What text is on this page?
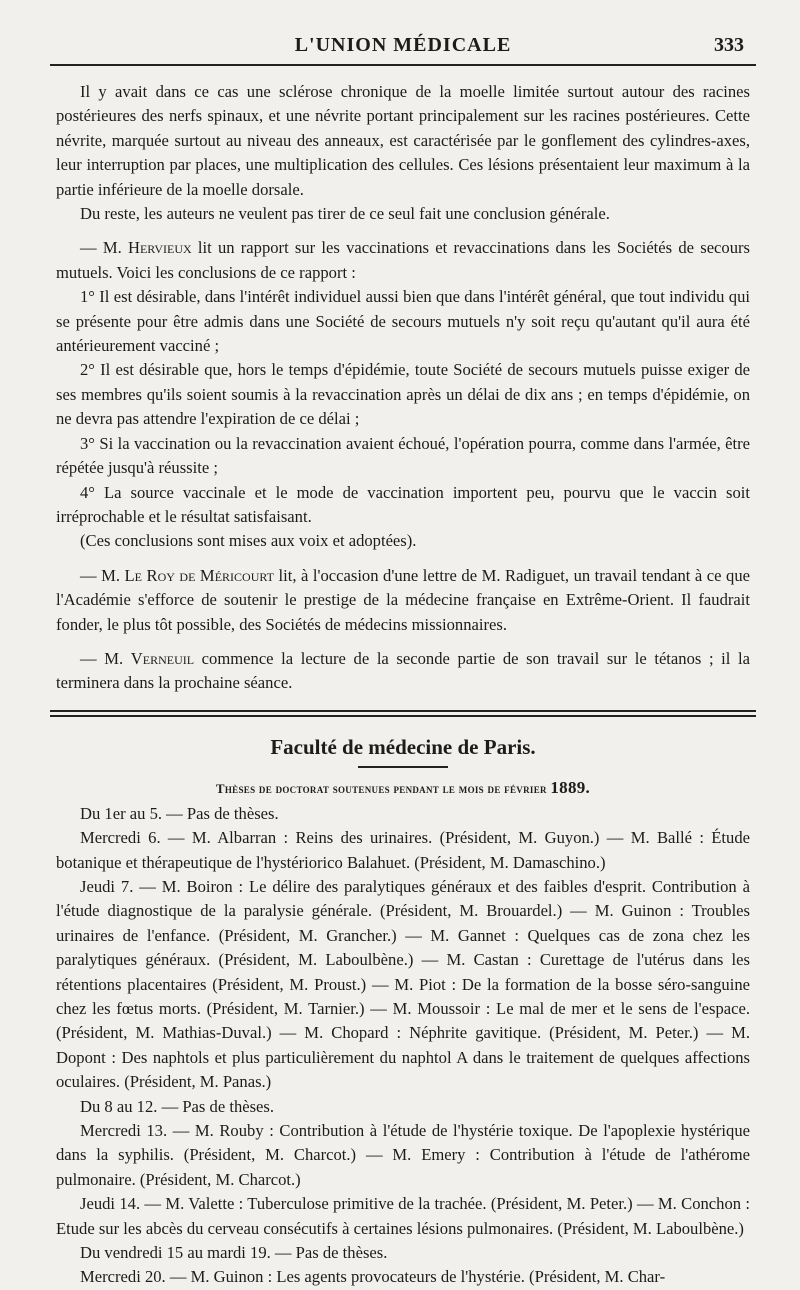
L'UNION MÉDICALE	333

Il y avait dans ce cas une sclérose chronique de la moelle limitée surtout autour des racines postérieures des nerfs spinaux, et une névrite portant principalement sur les racines postérieures. Cette névrite, marquée surtout au niveau des anneaux, est caractérisée par le gonflement des cylindres-axes, leur interruption par places, une multiplication des cellules. Ces lésions présentaient leur maximum à la partie inférieure de la moelle dorsale.

Du reste, les auteurs ne veulent pas tirer de ce seul fait une conclusion générale.

— M. Hervieux lit un rapport sur les vaccinations et revaccinations dans les Sociétés de secours mutuels. Voici les conclusions de ce rapport :

1° Il est désirable, dans l'intérêt individuel aussi bien que dans l'intérêt général, que tout individu qui se présente pour être admis dans une Société de secours mutuels n'y soit reçu qu'autant qu'il aura été antérieurement vacciné ;

2° Il est désirable que, hors le temps d'épidémie, toute Société de secours mutuels puisse exiger de ses membres qu'ils soient soumis à la revaccination après un délai de dix ans ; en temps d'épidémie, on ne devra pas attendre l'expiration de ce délai ;

3° Si la vaccination ou la revaccination avaient échoué, l'opération pourra, comme dans l'armée, être répétée jusqu'à réussite ;

4° La source vaccinale et le mode de vaccination importent peu, pourvu que le vaccin soit irréprochable et le résultat satisfaisant.

(Ces conclusions sont mises aux voix et adoptées).

— M. Le Roy de Méricourt lit, à l'occasion d'une lettre de M. Radiguet, un travail tendant à ce que l'Académie s'efforce de soutenir le prestige de la médecine française en Extrême-Orient. Il faudrait fonder, le plus tôt possible, des Sociétés de médecins missionnaires.

— M. Verneuil commence la lecture de la seconde partie de son travail sur le tétanos ; il la terminera dans la prochaine séance.

Faculté de médecine de Paris.
Thèses de doctorat soutenues pendant le mois de février 1889.

Du 1er au 5. — Pas de thèses.

Mercredi 6. — M. Albarran : Reins des urinaires. (Président, M. Guyon.) — M. Ballé : Étude botanique et thérapeutique de l'hystériorico Balahuet. (Président, M. Damaschino.)

Jeudi 7. — M. Boiron : Le délire des paralytiques généraux et des faibles d'esprit. Contribution à l'étude diagnostique de la paralysie générale. (Président, M. Brouardel.) — M. Guinon : Troubles urinaires de l'enfance. (Président, M. Grancher.) — M. Gannet : Quelques cas de zona chez les paralytiques généraux. (Président, M. Laboulbène.) — M. Castan : Curettage de l'utérus dans les rétentions placentaires (Président, M. Proust.) — M. Piot : De la formation de la bosse séro-sanguine chez les fœtus morts. (Président, M. Tarnier.) — M. Moussoir : Le mal de mer et le sens de l'espace. (Président, M. Mathias-Duval.) — M. Chopard : Néphrite gavitique. (Président, M. Peter.) — M. Dopont : Des naphtols et plus particulièrement du naphtol A dans le traitement de quelques affections oculaires. (Président, M. Panas.)

Du 8 au 12. — Pas de thèses.

Mercredi 13. — M. Rouby : Contribution à l'étude de l'hystérie toxique. De l'apoplexie hystérique dans la syphilis. (Président, M. Charcot.) — M. Emery : Contribution à l'étude de l'athérome pulmonaire. (Président, M. Charcot.)

Jeudi 14. — M. Valette : Tuberculose primitive de la trachée. (Président, M. Peter.) — M. Conchon : Etude sur les abcès du cerveau consécutifs à certaines lésions pulmonaires. (Président, M. Laboulbène.)

Du vendredi 15 au mardi 19. — Pas de thèses.

Mercredi 20. — M. Guinon : Les agents provocateurs de l'hystérie. (Président, M. Char-
